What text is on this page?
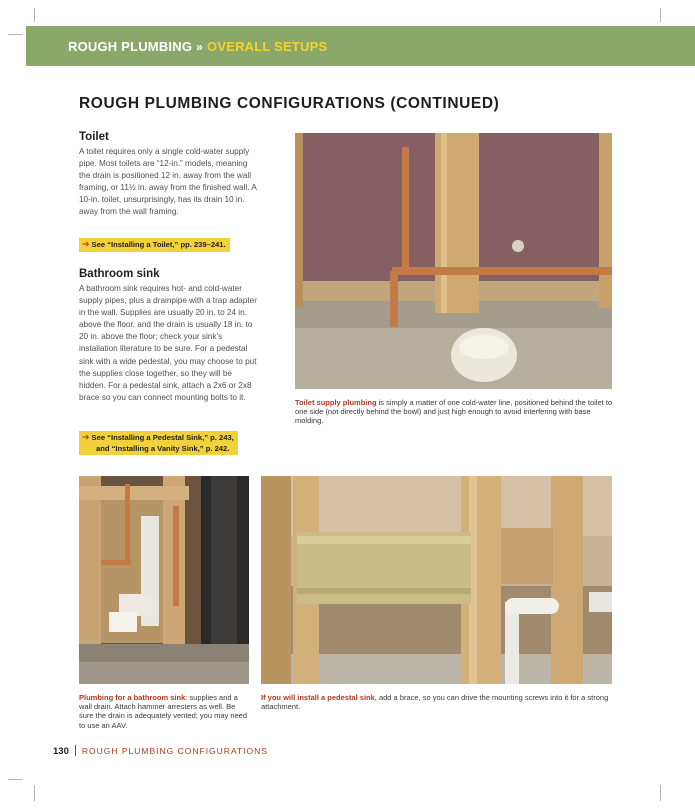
ROUGH PLUMBING » OVERALL SETUPS
ROUGH PLUMBING CONFIGURATIONS (CONTINUED)
Toilet

A toilet requires only a single cold-water supply pipe. Most toilets are “12-in.” models, meaning the drain is positioned 12 in. away from the wall framing, or 11½ in. away from the finished wall. A 10-in. toilet, unsurprisingly, has its drain 10 in. away from the wall framing.

➔ See “Installing a Toilet,” pp. 239–241.
Bathroom sink

A bathroom sink requires hot- and cold-water supply pipes, plus a drainpipe with a trap adapter in the wall. Supplies are usually 20 in. to 24 in. above the floor, and the drain is usually 18 in. to 20 in. above the floor; check your sink’s installation literature to be sure. For a pedestal sink with a wide pedestal, you may choose to put the supplies close together, so they will be hidden. For a pedestal sink, attach a 2x6 or 2x8 brace so you can connect mounting bolts to it.

➔ See “Installing a Pedestal Sink,” p. 243,
and “Installing a Vanity Sink,” p. 242.
Toilet supply plumbing is simply a matter of one cold-water line, positioned behind the toilet to one side (not directly behind the bowl) and just high enough to avoid interfering with base molding.
Plumbing for a bathroom sink: supplies and a wall drain. Attach hammer arresters as well. Be sure the drain is adequately vented; you may need to use an AAV.
If you will install a pedestal sink, add a brace, so you can drive the mounting screws into it for a strong attachment.
130 ROUGH PLUMBING CONFIGURATIONS
